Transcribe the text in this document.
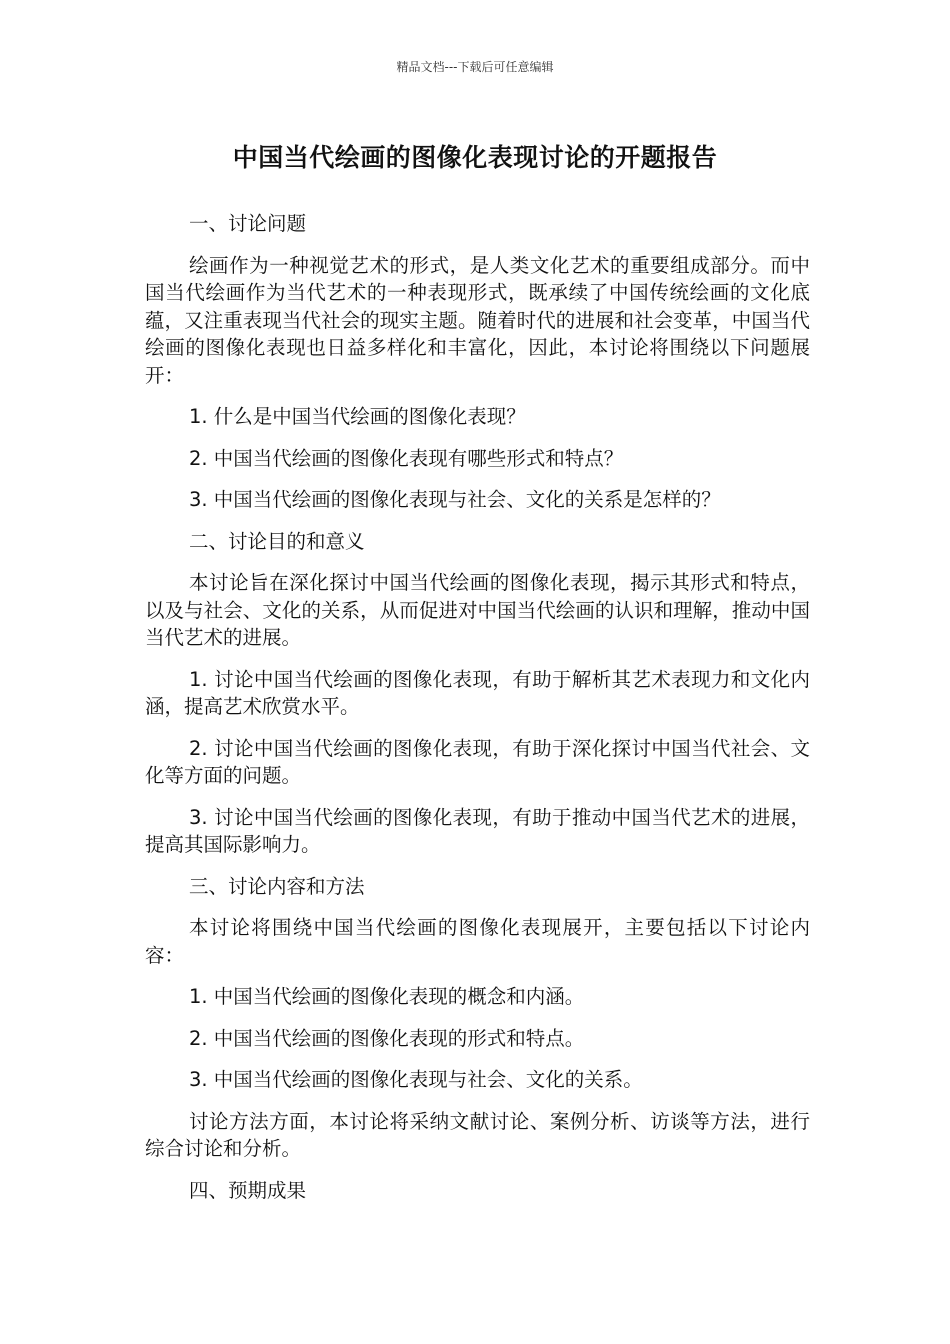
精品文档---下载后可任意编辑
中国当代绘画的图像化表现讨论的开题报告

一、讨论问题

绘画作为一种视觉艺术的形式，是人类文化艺术的重要组成部分。而中国当代绘画作为当代艺术的一种表现形式，既承续了中国传统绘画的文化底蕴，又注重表现当代社会的现实主题。随着时代的进展和社会变革，中国当代绘画的图像化表现也日益多样化和丰富化，因此，本讨论将围绕以下问题展开：

1. 什么是中国当代绘画的图像化表现？

2. 中国当代绘画的图像化表现有哪些形式和特点？

3. 中国当代绘画的图像化表现与社会、文化的关系是怎样的？

二、讨论目的和意义

本讨论旨在深化探讨中国当代绘画的图像化表现，揭示其形式和特点，以及与社会、文化的关系，从而促进对中国当代绘画的认识和理解，推动中国当代艺术的进展。

1. 讨论中国当代绘画的图像化表现，有助于解析其艺术表现力和文化内涵，提高艺术欣赏水平。

2. 讨论中国当代绘画的图像化表现，有助于深化探讨中国当代社会、文化等方面的问题。

3. 讨论中国当代绘画的图像化表现，有助于推动中国当代艺术的进展，提高其国际影响力。

三、讨论内容和方法

本讨论将围绕中国当代绘画的图像化表现展开，主要包括以下讨论内容：

1. 中国当代绘画的图像化表现的概念和内涵。

2. 中国当代绘画的图像化表现的形式和特点。

3. 中国当代绘画的图像化表现与社会、文化的关系。

讨论方法方面，本讨论将采纳文献讨论、案例分析、访谈等方法，进行综合讨论和分析。

四、预期成果
